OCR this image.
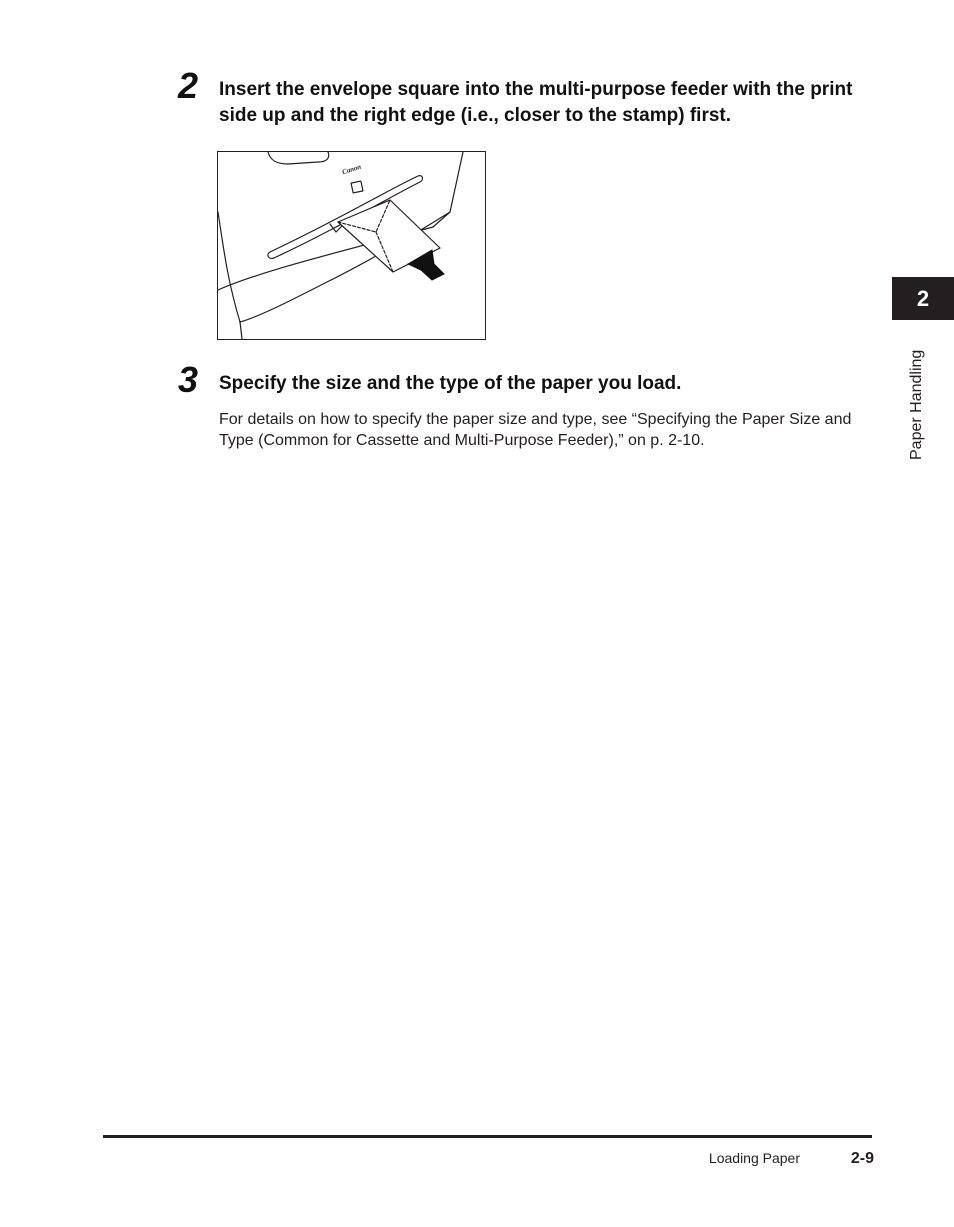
2 Insert the envelope square into the multi-purpose feeder with the print side up and the right edge (i.e., closer to the stamp) first.
Canon
3 Specify the size and the type of the paper you load.
For details on how to specify the paper size and type, see “Specifying the Paper Size and Type (Common for Cassette and Multi-Purpose Feeder),” on p. 2-10.
2
Paper Handling
Loading Paper	2-9
